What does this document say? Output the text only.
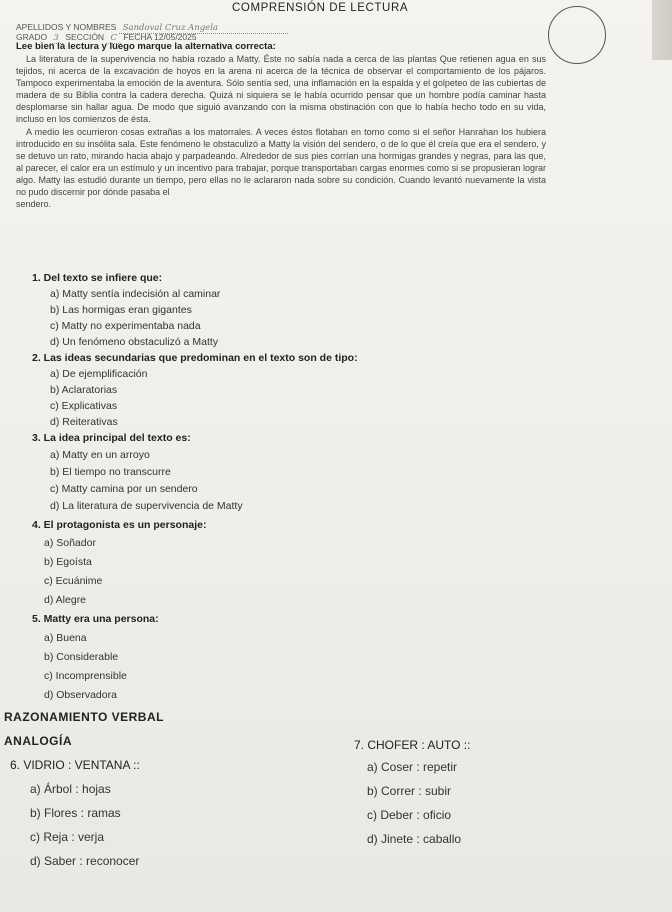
COMPRENSIÓN DE LECTURA
APELLIDOS Y NOMBRES Sandoval Cruz Angela
GRADO 3 SECCIÓN C FECHA 12/05/2025
Lee bien la lectura y luego marque la alternativa correcta:

La literatura de la supervivencia no había rozado a Matty. Éste no sabía nada a cerca de las plantas Que retienen agua en sus tejidos, ni acerca de la excavación de hoyos en la arena ni acerca de la técnica de observar el comportamiento de los pájaros. Tampoco experimentaba la emoción de la aventura. Sólo sentía sed, una inflamación en la espalda y el golpeteo de las cubiertas de madera de su Biblia contra la cadera derecha. Quizá ni siquiera se le había ocurrido pensar que un hombre podía caminar hasta desplomarse sin hallar agua. De modo que siguió avanzando con la misma obstinación con que lo había hecho todo en su vida, incluso en los comienzos de ésta.

A medio les ocurrieron cosas extrañas a los matorrales. A veces éstos flotaban en torno como si el señor Hanrahan los hubiera introducido en su insólita sala. Este fenómeno le obstaculizó a Matty la visión del sendero, o de lo que él creía que era el sendero, y se detuvo un rato, mirando hacia abajo y parpadeando. Alrededor de sus pies corrían una hormigas grandes y negras, para las que, al parecer, el calor era un estímulo y un incentivo para trabajar, porque transportaban cargas enormes como si se propusieran lograr algo. Matty las estudió durante un tiempo, pero ellas no le aclararon nada sobre su condición. Cuando levantó nuevamente la vista no pudo discernir por dónde pasaba el

sendero.

1. Del texto se infiere que:
a) Matty sentía indecisión al caminar
b) Las hormigas eran gigantes
c) Matty no experimentaba nada
d) Un fenómeno obstaculizó a Matty
2. Las ideas secundarias que predominan en el texto son de tipo:
a) De ejemplificación
b) Aclaratorias
c) Explicativas
d) Reiterativas
3. La idea principal del texto es:
a) Matty en un arroyo
b) El tiempo no transcurre
c) Matty camina por un sendero
d) La literatura de supervivencia de Matty
4. El protagonista es un personaje:
a) Soñador
b) Egoísta
c) Ecuánime
d) Alegre
5. Matty era una persona:
a) Buena
b) Considerable
c) Incomprensible
d) Observadora
RAZONAMIENTO VERBAL
ANALOGÍA
6. VIDRIO : VENTANA ::
a) Árbol : hojas
b) Flores : ramas
c) Reja : verja
d) Saber : reconocer
7. CHOFER : AUTO ::
a) Coser : repetir
b) Correr : subir
c) Deber : oficio
d) Jinete : caballo
